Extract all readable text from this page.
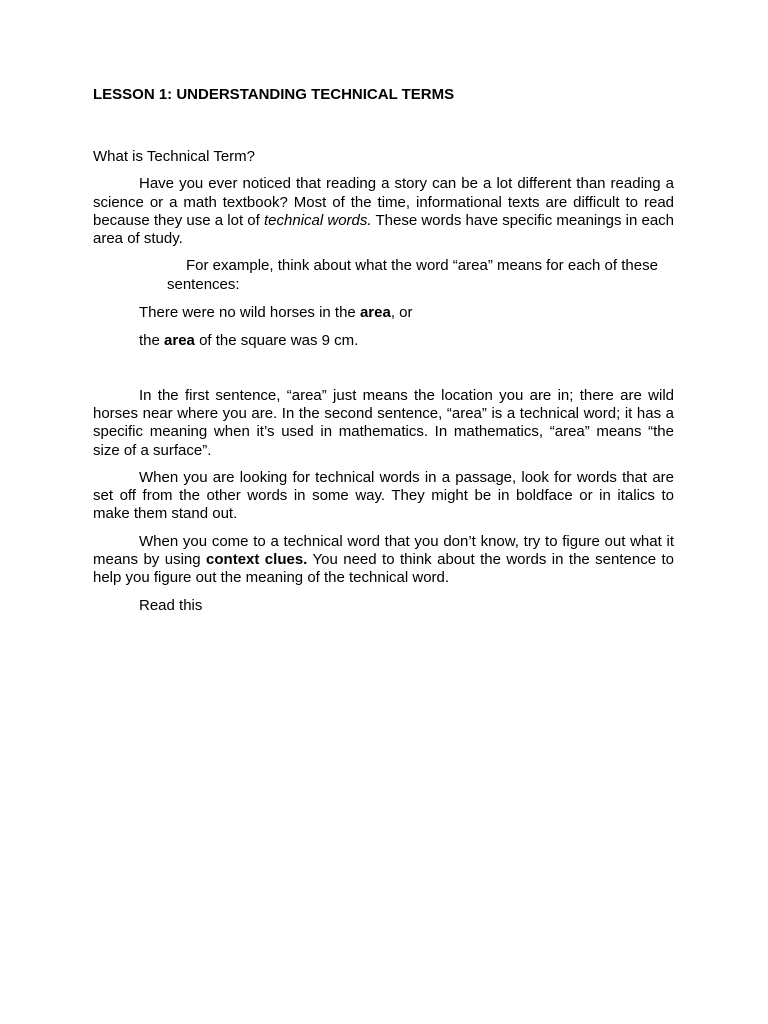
LESSON 1: UNDERSTANDING TECHNICAL TERMS

What is Technical Term?

Have you ever noticed that reading a story can be a lot different than reading a science or a math textbook? Most of the time, informational texts are difficult to read because they use a lot of technical words. These words have specific meanings in each area of study.

For example, think about what the word “area” means for each of these sentences:

There were no wild horses in the area, or

the area of the square was 9 cm.

In the first sentence, “area” just means the location you are in; there are wild horses near where you are. In the second sentence, “area” is a technical word; it has a specific meaning when it’s used in mathematics. In mathematics, “area” means “the size of a surface”.

When you are looking for technical words in a passage, look for words that are set off from the other words in some way. They might be in boldface or in italics to make them stand out.

When you come to a technical word that you don’t know, try to figure out what it means by using context clues. You need to think about the words in the sentence to help you figure out the meaning of the technical word.

Read this
